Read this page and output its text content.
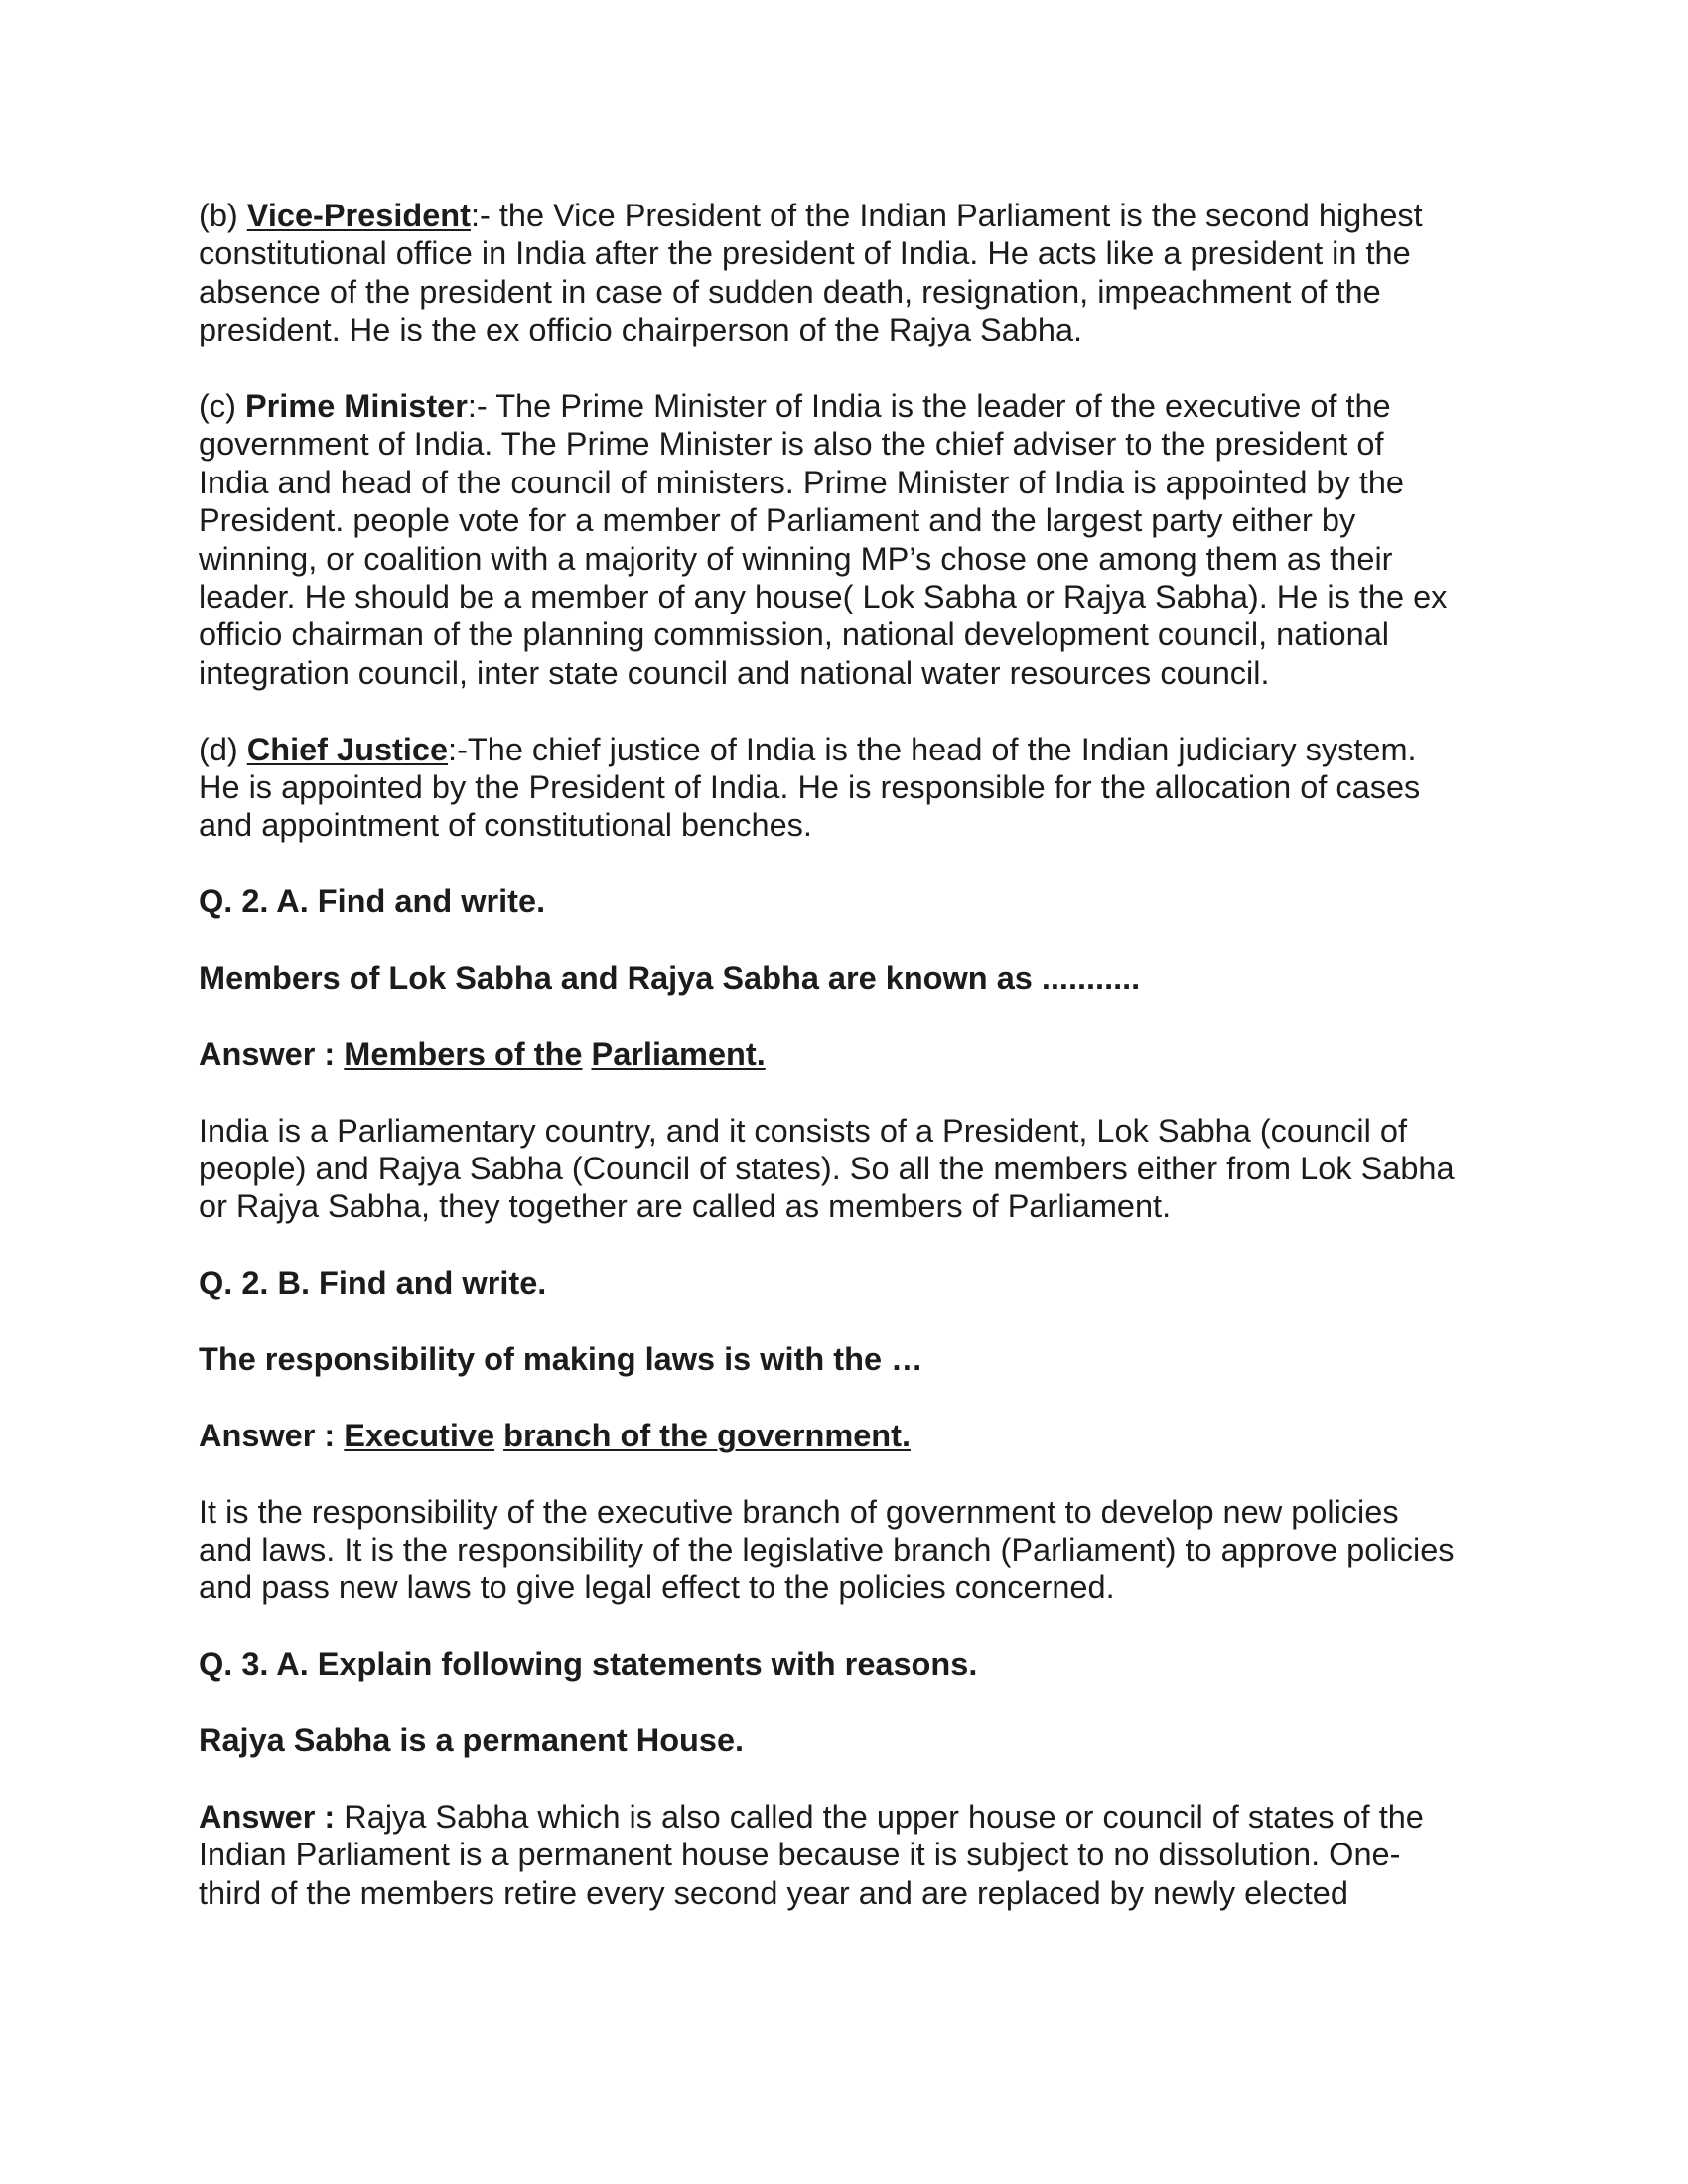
(b) Vice-President:- the Vice President of the Indian Parliament is the second highest
constitutional office in India after the president of India. He acts like a president in the
absence of the president in case of sudden death, resignation, impeachment of the
president. He is the ex officio chairperson of the Rajya Sabha.

(c) Prime Minister:- The Prime Minister of India is the leader of the executive of the
government of India. The Prime Minister is also the chief adviser to the president of
India and head of the council of ministers. Prime Minister of India is appointed by the
President. people vote for a member of Parliament and the largest party either by
winning, or coalition with a majority of winning MP’s chose one among them as their
leader. He should be a member of any house( Lok Sabha or Rajya Sabha). He is the ex
officio chairman of the planning commission, national development council, national
integration council, inter state council and national water resources council.

(d) Chief Justice:-The chief justice of India is the head of the Indian judiciary system.
He is appointed by the President of India. He is responsible for the allocation of cases
and appointment of constitutional benches.

Q. 2. A. Find and write.

Members of Lok Sabha and Rajya Sabha are known as ...........

Answer : Members of the Parliament.

India is a Parliamentary country, and it consists of a President, Lok Sabha (council of
people) and Rajya Sabha (Council of states). So all the members either from Lok Sabha
or Rajya Sabha, they together are called as members of Parliament.

Q. 2. B. Find and write.

The responsibility of making laws is with the …

Answer : Executive branch of the government.

It is the responsibility of the executive branch of government to develop new policies
and laws. It is the responsibility of the legislative branch (Parliament) to approve policies
and pass new laws to give legal effect to the policies concerned.

Q. 3. A. Explain following statements with reasons.

Rajya Sabha is a permanent House.

Answer : Rajya Sabha which is also called the upper house or council of states of the
Indian Parliament is a permanent house because it is subject to no dissolution. One-
third of the members retire every second year and are replaced by newly elected
